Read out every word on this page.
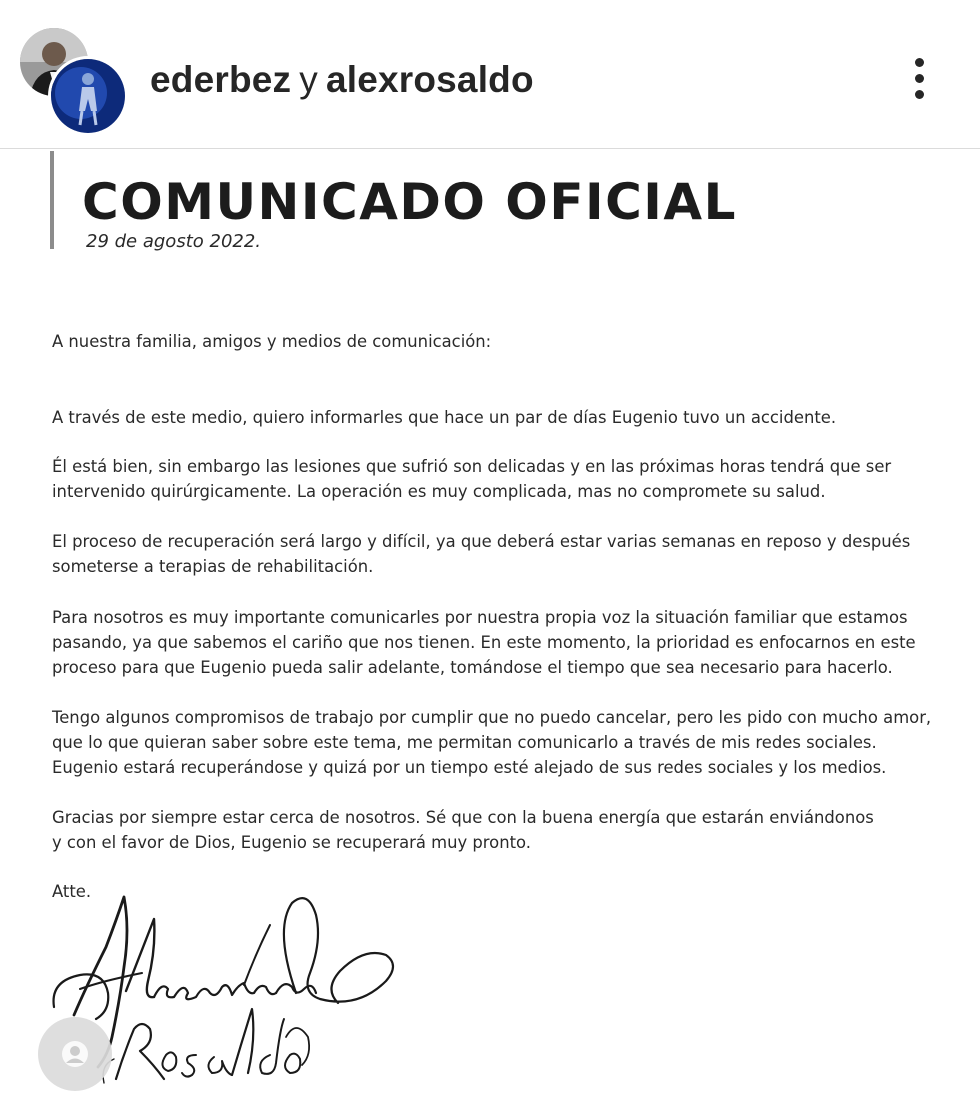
ederbez y alexrosaldo
COMUNICADO OFICIAL
29 de agosto 2022.

A nuestra familia, amigos y medios de comunicación:

A través de este medio, quiero informarles que hace un par de días Eugenio tuvo un accidente.

Él está bien, sin embargo las lesiones que sufrió son delicadas y en las próximas horas tendrá que ser
intervenido quirúrgicamente. La operación es muy complicada, mas no compromete su salud.

El proceso de recuperación será largo y difícil, ya que deberá estar varias semanas en reposo y después
someterse a terapias de rehabilitación.

Para nosotros es muy importante comunicarles por nuestra propia voz la situación familiar que estamos
pasando, ya que sabemos el cariño que nos tienen. En este momento, la prioridad es enfocarnos en este
proceso para que Eugenio pueda salir adelante, tomándose el tiempo que sea necesario para hacerlo.

Tengo algunos compromisos de trabajo por cumplir que no puedo cancelar, pero les pido con mucho amor,
que lo que quieran saber sobre este tema, me permitan comunicarlo a través de mis redes sociales.
Eugenio estará recuperándose y quizá por un tiempo esté alejado de sus redes sociales y los medios.

Gracias por siempre estar cerca de nosotros. Sé que con la buena energía que estarán enviándonos
y con el favor de Dios, Eugenio se recuperará muy pronto.

Atte.
